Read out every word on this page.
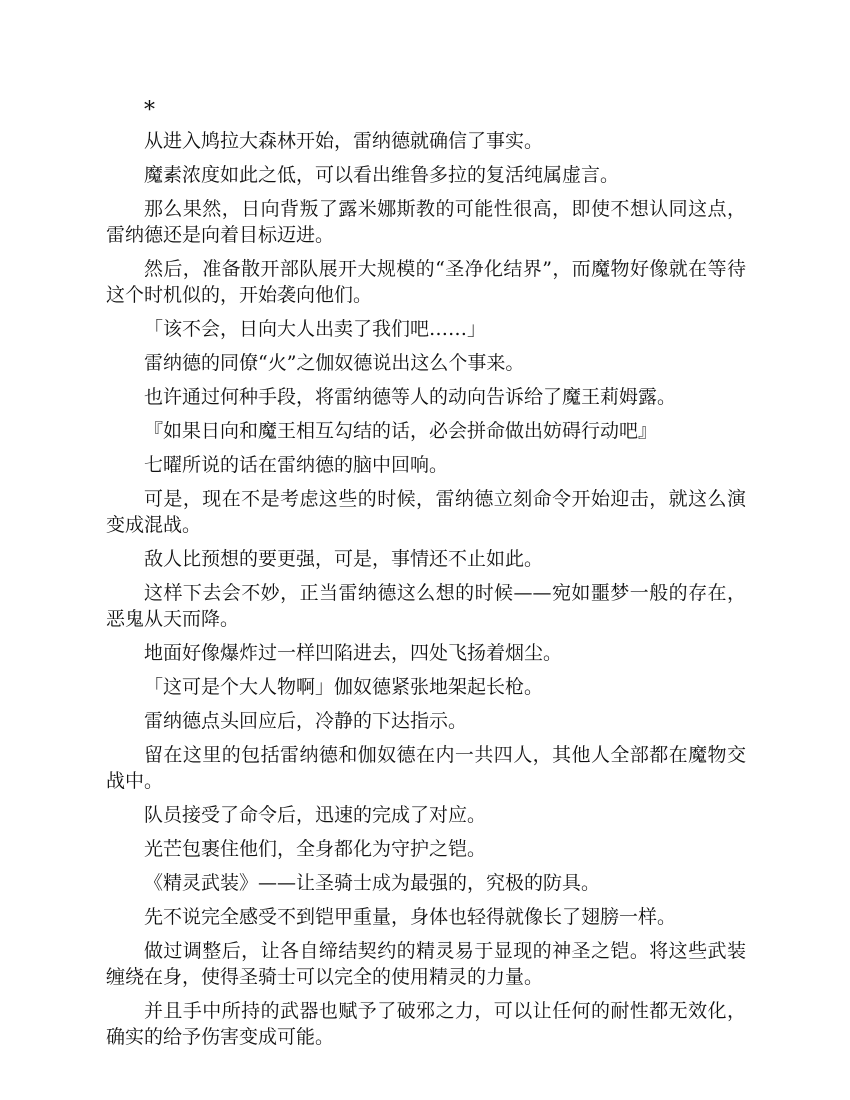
*

从进入鸠拉大森林开始，雷纳德就确信了事实。

魔素浓度如此之低，可以看出维鲁多拉的复活纯属虚言。

那么果然，日向背叛了露米娜斯教的可能性很高，即使不想认同这点，雷纳德还是向着目标迈进。

然后，准备散开部队展开大规模的“圣净化结界”，而魔物好像就在等待这个时机似的，开始袭向他们。

「该不会，日向大人出卖了我们吧……」

雷纳德的同僚“火”之伽奴德说出这么个事来。

也许通过何种手段，将雷纳德等人的动向告诉给了魔王莉姆露。

『如果日向和魔王相互勾结的话，必会拼命做出妨碍行动吧』

七曜所说的话在雷纳德的脑中回响。

可是，现在不是考虑这些的时候，雷纳德立刻命令开始迎击，就这么演变成混战。

敌人比预想的要更强，可是，事情还不止如此。

这样下去会不妙，正当雷纳德这么想的时候——宛如噩梦一般的存在，恶鬼从天而降。

地面好像爆炸过一样凹陷进去，四处飞扬着烟尘。

「这可是个大人物啊」伽奴德紧张地架起长枪。

雷纳德点头回应后，冷静的下达指示。

留在这里的包括雷纳德和伽奴德在内一共四人，其他人全部都在魔物交战中。

队员接受了命令后，迅速的完成了对应。

光芒包裹住他们，全身都化为守护之铠。

《精灵武装》——让圣骑士成为最强的，究极的防具。

先不说完全感受不到铠甲重量，身体也轻得就像长了翅膀一样。

做过调整后，让各自缔结契约的精灵易于显现的神圣之铠。将这些武装缠绕在身，使得圣骑士可以完全的使用精灵的力量。

并且手中所持的武器也赋予了破邪之力，可以让任何的耐性都无效化，确实的给予伤害变成可能。
